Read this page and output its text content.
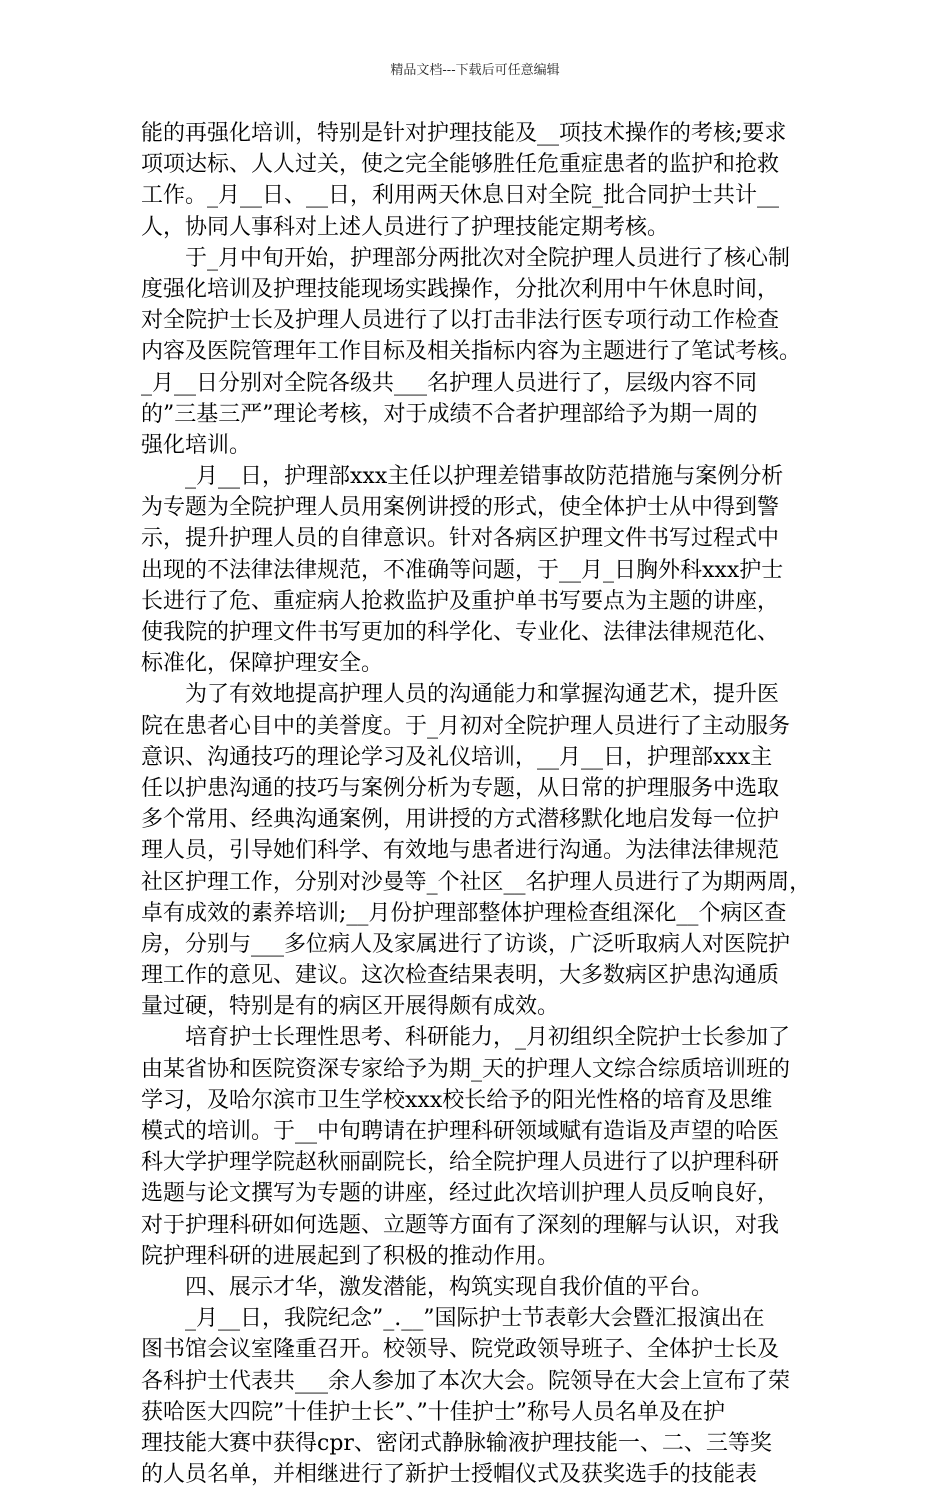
精品文档---下载后可任意编辑
能的再强化培训，特别是针对护理技能及__项技术操作的考核;要求
项项达标、人人过关，使之完全能够胜任危重症患者的监护和抢救
工作。_月__日、__日，利用两天休息日对全院_批合同护士共计__
人，协同人事科对上述人员进行了护理技能定期考核。
　　于_月中旬开始，护理部分两批次对全院护理人员进行了核心制
度强化培训及护理技能现场实践操作，分批次利用中午休息时间，
对全院护士长及护理人员进行了以打击非法行医专项行动工作检查
内容及医院管理年工作目标及相关指标内容为主题进行了笔试考核。
_月__日分别对全院各级共___名护理人员进行了，层级内容不同
的”三基三严”理论考核，对于成绩不合者护理部给予为期一周的
强化培训。
　　_月__日，护理部xxx主任以护理差错事故防范措施与案例分析
为专题为全院护理人员用案例讲授的形式，使全体护士从中得到警
示，提升护理人员的自律意识。针对各病区护理文件书写过程式中
出现的不法律法律规范，不准确等问题，于__月_日胸外科xxx护士
长进行了危、重症病人抢救监护及重护单书写要点为主题的讲座，
使我院的护理文件书写更加的科学化、专业化、法律法律规范化、
标准化，保障护理安全。
　　为了有效地提高护理人员的沟通能力和掌握沟通艺术，提升医
院在患者心目中的美誉度。于_月初对全院护理人员进行了主动服务
意识、沟通技巧的理论学习及礼仪培训，__月__日，护理部xxx主
任以护患沟通的技巧与案例分析为专题，从日常的护理服务中选取
多个常用、经典沟通案例，用讲授的方式潜移默化地启发每一位护
理人员，引导她们科学、有效地与患者进行沟通。为法律法律规范
社区护理工作，分别对沙曼等_个社区__名护理人员进行了为期两周，
卓有成效的素养培训;__月份护理部整体护理检查组深化__个病区查
房，分别与___多位病人及家属进行了访谈，广泛听取病人对医院护
理工作的意见、建议。这次检查结果表明，大多数病区护患沟通质
量过硬，特别是有的病区开展得颇有成效。
　　培育护士长理性思考、科研能力，_月初组织全院护士长参加了
由某省协和医院资深专家给予为期_天的护理人文综合综质培训班的
学习，及哈尔滨市卫生学校xxx校长给予的阳光性格的培育及思维
模式的培训。于__中旬聘请在护理科研领域赋有造诣及声望的哈医
科大学护理学院赵秋丽副院长，给全院护理人员进行了以护理科研
选题与论文撰写为专题的讲座，经过此次培训护理人员反响良好，
对于护理科研如何选题、立题等方面有了深刻的理解与认识，对我
院护理科研的进展起到了积极的推动作用。
　　四、展示才华，激发潜能，构筑实现自我价值的平台。
　　_月__日，我院纪念”_.__”国际护士节表彰大会暨汇报演出在
图书馆会议室隆重召开。校领导、院党政领导班子、全体护士长及
各科护士代表共___余人参加了本次大会。院领导在大会上宣布了荣
获哈医大四院”十佳护士长”、”十佳护士”称号人员名单及在护
理技能大赛中获得cpr、密闭式静脉输液护理技能一、二、三等奖
的人员名单，并相继进行了新护士授帽仪式及获奖选手的技能表
